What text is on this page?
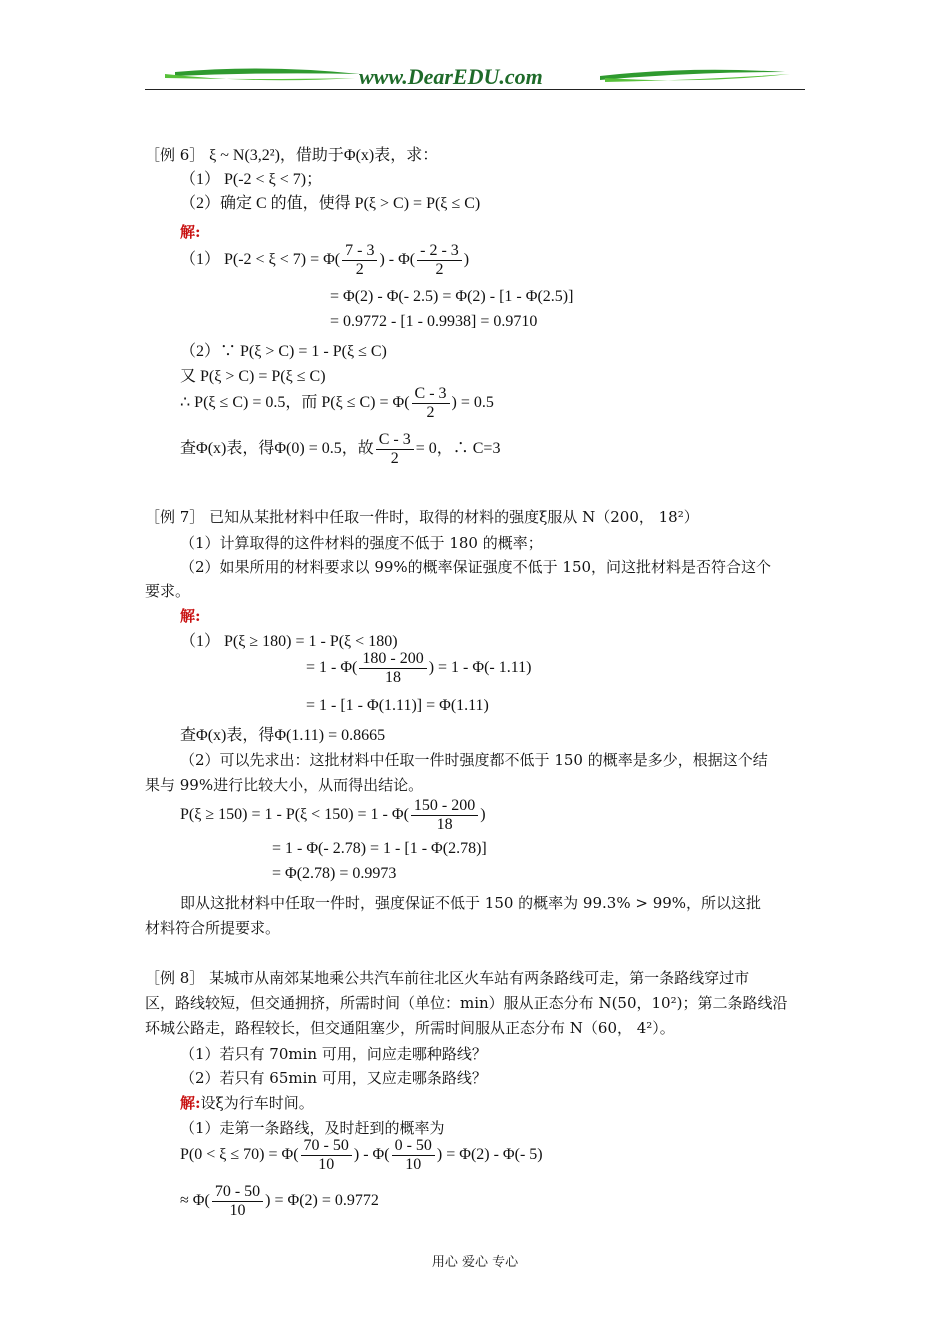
www.DearEDU.com
［例 6］ ξ ~ N(3,2²)，借助于Φ(x)表，求：
（1） P(-2 < ξ < 7)；
（2）确定 C 的值，使得 P(ξ > C) = P(ξ ≤ C)
解:
（1） $P(-2 < \xi < 7) = \Phi( \frac{7 - 3}{2}$ ) - $\Phi( \frac{- 2 - 3}{2}$ )
= Φ(2) - Φ(- 2.5) = Φ(2) - [1 - Φ(2.5)]
= 0.9772 - [1 - 0.9938] = 0.9710
（2）∵ P(ξ > C) = 1 - P(ξ ≤ C)
又 P(ξ > C) = P(ξ ≤ C)
∴ P(ξ ≤ C) = 0.5，而 $P(\xi \le C) = \Phi( \frac{C - 3}{2}$ ) = 0.5
查Φ(x)表，得Φ(0) = 0.5，故 $\frac{C - 3}{2} = 0$，∴ C=3
［例 7］ 已知从某批材料中任取一件时，取得的材料的强度ξ服从 N（200， 18²）
（1）计算取得的这件材料的强度不低于 180 的概率；
（2）如果所用的材料要求以 99%的概率保证强度不低于 150，问这批材料是否符合这个
要求。
解:
（1） P(ξ ≥ 180) = 1 - P(ξ < 180)
= $1 - \Phi( \frac{180 - 200}{18}$ ) = 1 - Φ(- 1.11)
= 1 - [1 - Φ(1.11)] = Φ(1.11)
查Φ(x)表，得Φ(1.11) = 0.8665
（2）可以先求出：这批材料中任取一件时强度都不低于 150 的概率是多少，根据这个结
果与 99%进行比较大小，从而得出结论。
$P(\xi \ge 150) = 1 - P(\xi < 150) = 1 - \Phi( \frac{150 - 200}{18}$ )
= 1 - Φ(- 2.78) = 1 - [1 - Φ(2.78)]
= Φ(2.78) = 0.9973
即从这批材料中任取一件时，强度保证不低于 150 的概率为 99.3% > 99%，所以这批
材料符合所提要求。
［例 8］ 某城市从南郊某地乘公共汽车前往北区火车站有两条路线可走，第一条路线穿过市
区，路线较短，但交通拥挤，所需时间（单位：min）服从正态分布 N(50，10²)；第二条路线沿
环城公路走，路程较长，但交通阻塞少，所需时间服从正态分布 N（60， 4²）。
（1）若只有 70min 可用，问应走哪种路线？
（2）若只有 65min 可用，又应走哪条路线？
解:设ξ为行车时间。
（1）走第一条路线，及时赶到的概率为
$P(0 < \xi \le 70) = \Phi( \frac{70 - 50}{10}$ ) - $\Phi( \frac{0 - 50}{10}$ ) = Φ(2) - Φ(- 5)
≈ $\Phi( \frac{70 - 50}{10}$ ) = Φ(2) = 0.9772
用心 爱心 专心
